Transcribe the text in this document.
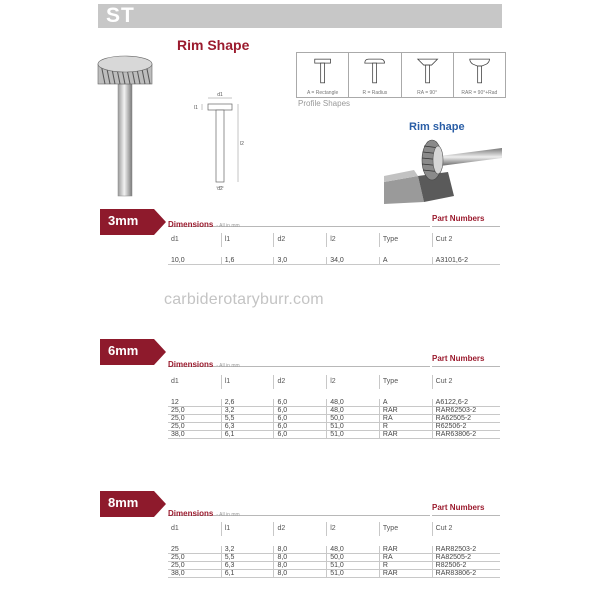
ST
Rim Shape
d1
l1
l2
d2
A = Rectangle	R = Radius	RA = 90°	RAR = 90°+Rad
Profile Shapes
Rim shape
carbiderotaryburr.com
3mm	Dimensions - All in mm
Part Numbers
d1	l1	d2	l2	Type	Cut 2
10,0	1,6	3,0	34,0	A	A3101,6-2
6mm
Dimensions - All in mm
Part Numbers
d1	l1	d2	l2	Type	Cut 2
12	2,6	6,0	48,0	A	A6122,6-2
25,0	3,2	6,0	48,0	RAR	RAR62503-2
25,0	5,5	6,0	50,0	RA	RA62505-2
25,0	6,3	6,0	51,0	R	R62506-2
38,0	6,1	6,0	51,0	RAR	RAR63806-2
8mm
Dimensions - All in mm
Part Numbers
d1	l1	d2	l2	Type	Cut 2
25	3,2	8,0	48,0	RAR	RAR82503-2
25,0	5,5	8,0	50,0	RA	RA82505-2
25,0	6,3	8,0	51,0	R	R82506-2
38,0	6,1	8,0	51,0	RAR	RAR83806-2
